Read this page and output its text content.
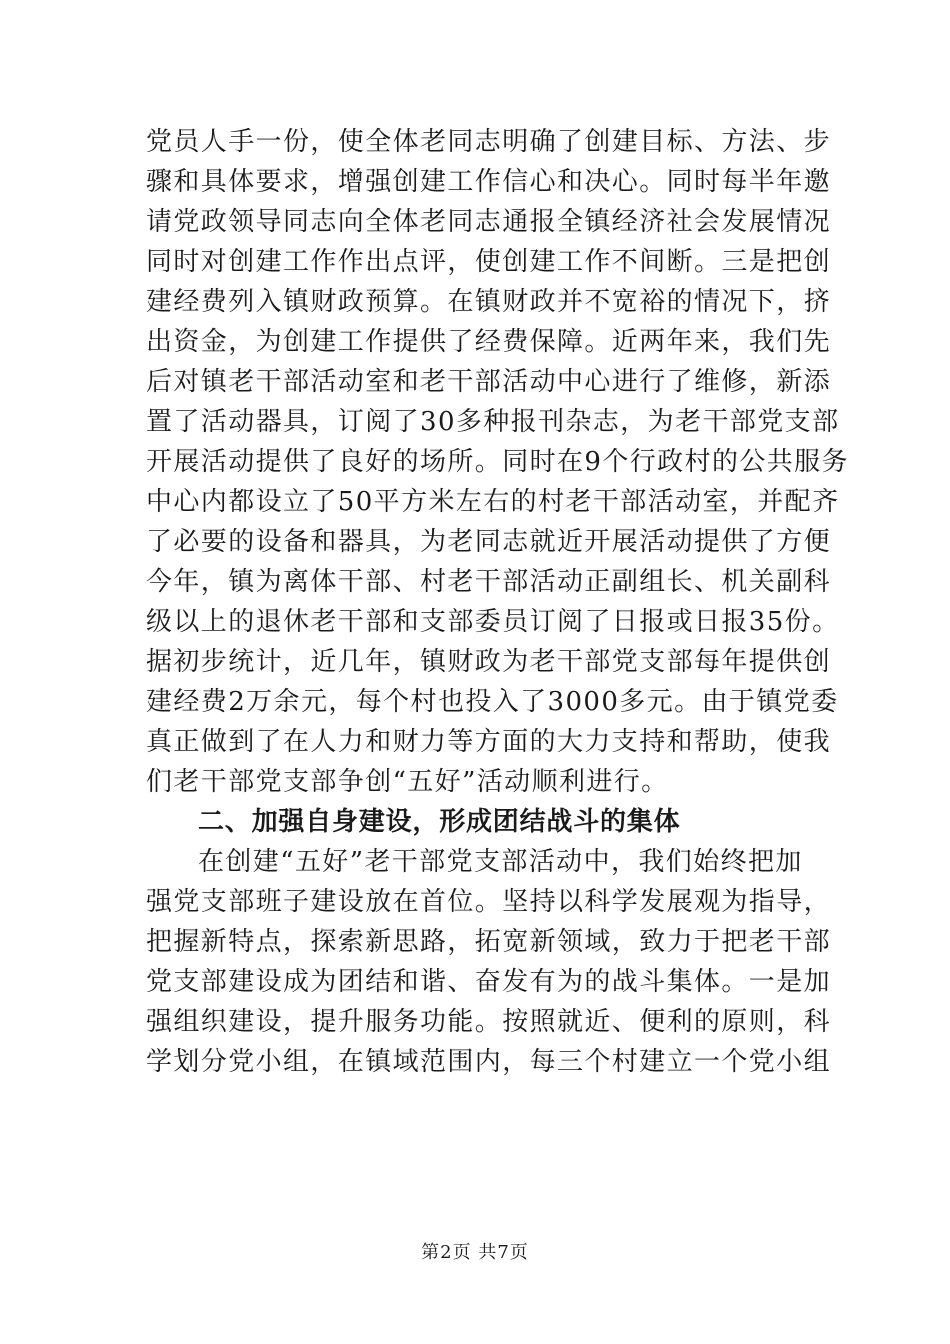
党员人手一份，使全体老同志明确了创建目标、方法、步
骤和具体要求，增强创建工作信心和决心。同时每半年邀
请党政领导同志向全体老同志通报全镇经济社会发展情况
同时对创建工作作出点评，使创建工作不间断。三是把创
建经费列入镇财政预算。在镇财政并不宽裕的情况下，挤
出资金，为创建工作提供了经费保障。近两年来，我们先
后对镇老干部活动室和老干部活动中心进行了维修，新添
置了活动器具，订阅了30多种报刊杂志，为老干部党支部
开展活动提供了良好的场所。同时在9个行政村的公共服务
中心内都设立了50平方米左右的村老干部活动室，并配齐
了必要的设备和器具，为老同志就近开展活动提供了方便
今年，镇为离体干部、村老干部活动正副组长、机关副科
级以上的退休老干部和支部委员订阅了日报或日报35份。
据初步统计，近几年，镇财政为老干部党支部每年提供创
建经费2万余元，每个村也投入了3000多元。由于镇党委
真正做到了在人力和财力等方面的大力支持和帮助，使我
们老干部党支部争创“五好”活动顺利进行。
二、加强自身建设，形成团结战斗的集体
在创建“五好”老干部党支部活动中，我们始终把加
强党支部班子建设放在首位。坚持以科学发展观为指导，
把握新特点，探索新思路，拓宽新领域，致力于把老干部
党支部建设成为团结和谐、奋发有为的战斗集体。一是加
强组织建设，提升服务功能。按照就近、便利的原则，科
学划分党小组，在镇域范围内，每三个村建立一个党小组
第2页 共7页
